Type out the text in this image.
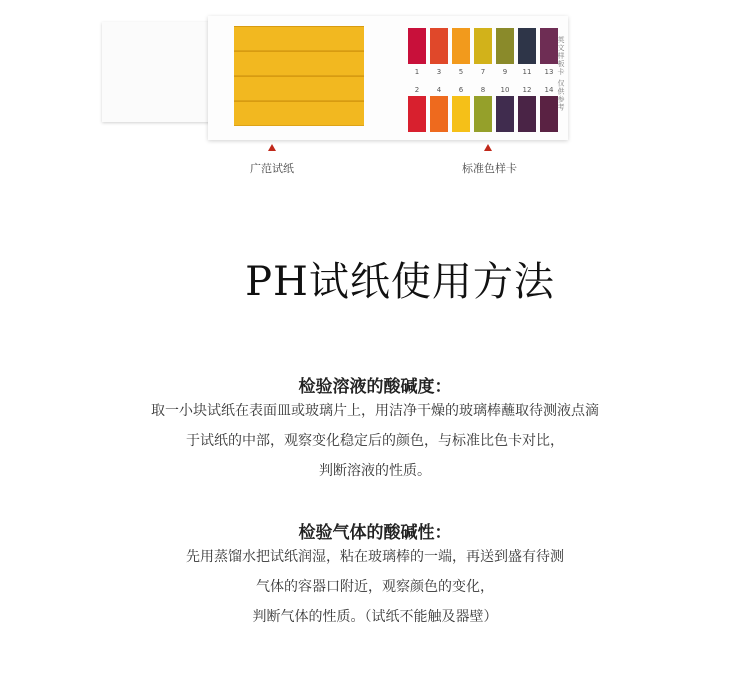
1	3	5	7	9	11	13
2	4	6	8	10	12	14 英文样板卡 仅供参考
广范试纸	标准色样卡
PH试纸使用方法
检验溶液的酸碱度：
取一小块试纸在表面皿或玻璃片上，用洁净干燥的玻璃棒蘸取待测液点滴
于试纸的中部，观察变化稳定后的颜色，与标准比色卡对比，
判断溶液的性质。
检验气体的酸碱性：
先用蒸馏水把试纸润湿，粘在玻璃棒的一端，再送到盛有待测
气体的容器口附近，观察颜色的变化，
判断气体的性质。（试纸不能触及器壁）
